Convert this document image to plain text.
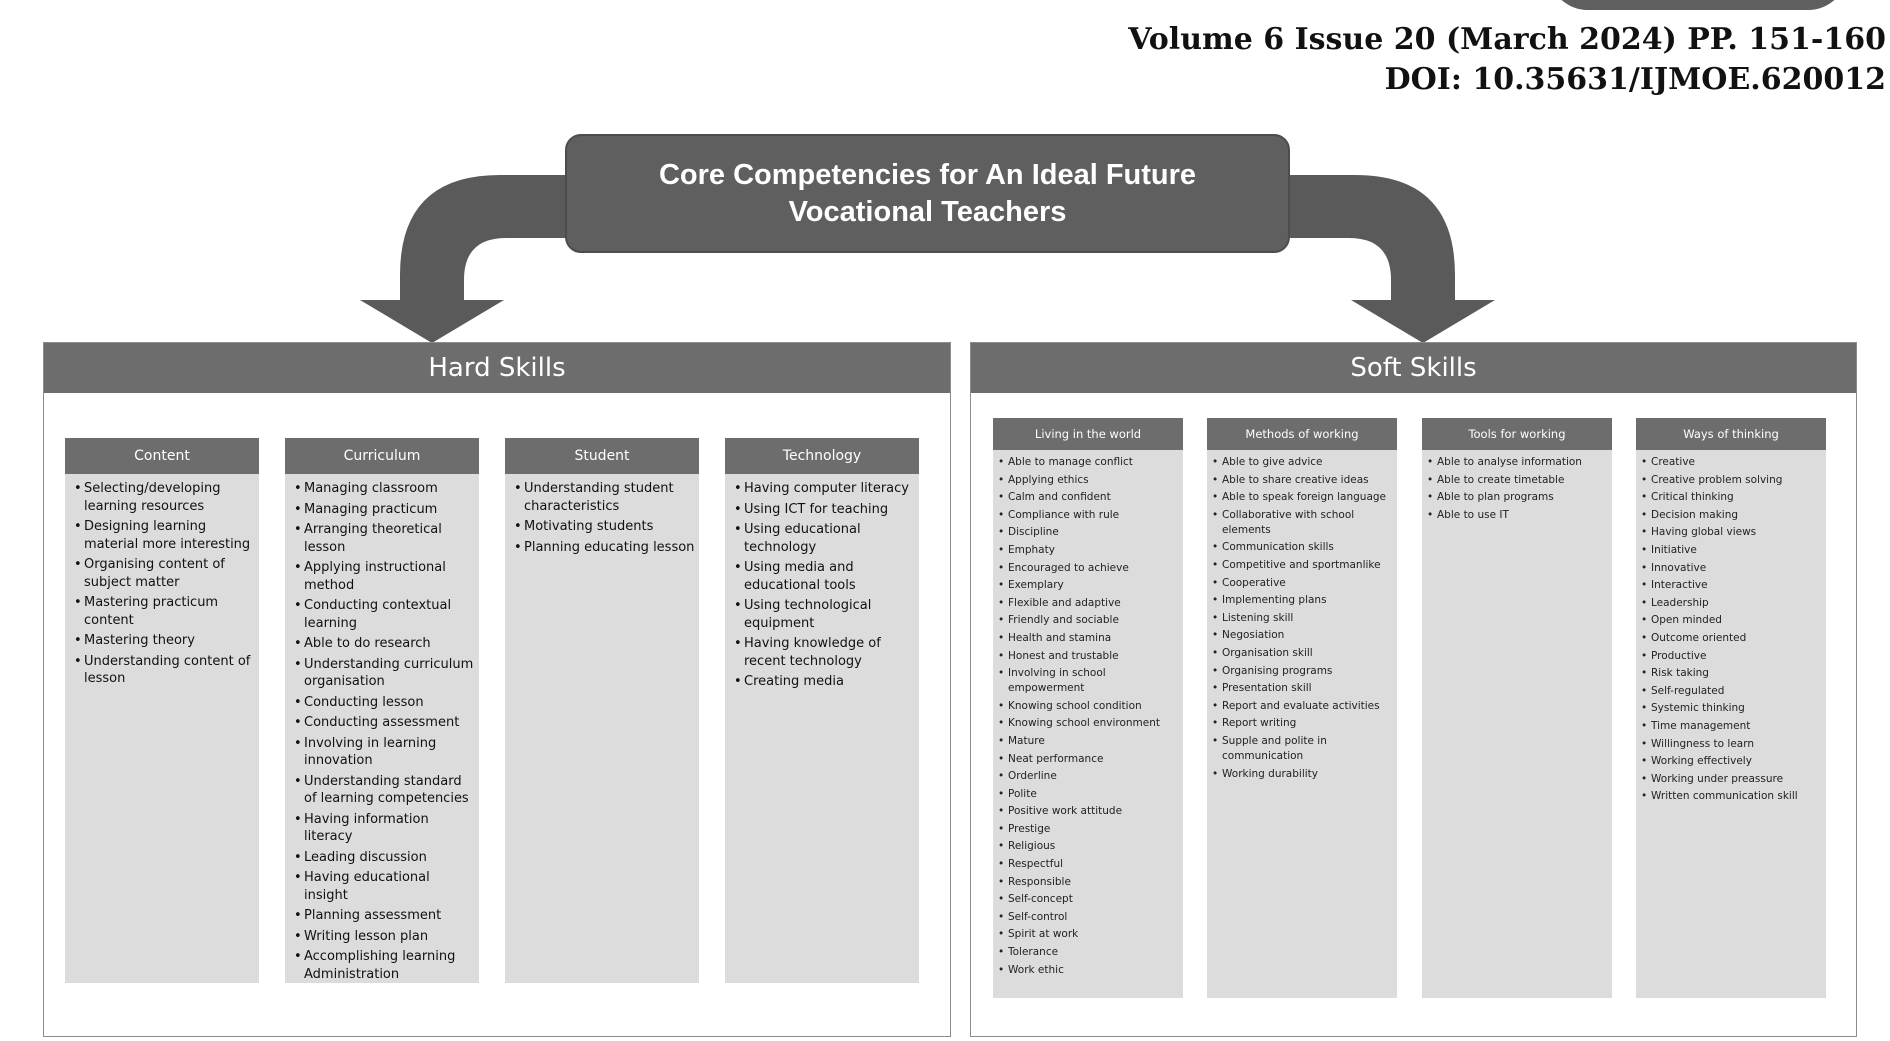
Volume 6 Issue 20 (March 2024) PP. 151-160
DOI: 10.35631/IJMOE.620012
Core Competencies for An Ideal Future Vocational Teachers
Hard Skills
Content
• Selecting/developing learning resources
• Designing learning material more interesting
• Organising content of subject matter
• Mastering practicum content
• Mastering theory
• Understanding content of lesson
Curriculum
• Managing classroom
• Managing practicum
• Arranging theoretical lesson
• Applying instructional method
• Conducting contextual learning
• Able to do research
• Understanding curriculum organisation
• Conducting lesson
• Conducting assessment
• Involving in learning innovation
• Understanding standard of learning competencies
• Having information literacy
• Leading discussion
• Having educational insight
• Planning assessment
• Writing lesson plan
• Accomplishing learning Administration
Student
• Understanding student characteristics
• Motivating students
• Planning educating lesson
Technology
• Having computer literacy
• Using ICT for teaching
• Using educational technology
• Using media and educational tools
• Using technological equipment
• Having knowledge of recent technology
• Creating media
Soft Skills
Living in the world
• Able to manage conflict
• Applying ethics
• Calm and confident
• Compliance with rule
• Discipline
• Emphaty
• Encouraged to achieve
• Exemplary
• Flexible and adaptive
• Friendly and sociable
• Health and stamina
• Honest and trustable
• Involving in school empowerment
• Knowing school condition
• Knowing school environment
• Mature
• Neat performance
• Orderline
• Polite
• Positive work attitude
• Prestige
• Religious
• Respectful
• Responsible
• Self-concept
• Self-control
• Spirit at work
• Tolerance
• Work ethic
Methods of working
• Able to give advice
• Able to share creative ideas
• Able to speak foreign language
• Collaborative with school elements
• Communication skills
• Competitive and sportmanlike
• Cooperative
• Implementing plans
• Listening skill
• Negosiation
• Organisation skill
• Organising programs
• Presentation skill
• Report and evaluate activities
• Report writing
• Supple and polite in communication
• Working durability
Tools for working
• Able to analyse information
• Able to create timetable
• Able to plan programs
• Able to use IT
Ways of thinking
• Creative
• Creative problem solving
• Critical thinking
• Decision making
• Having global views
• Initiative
• Innovative
• Interactive
• Leadership
• Open minded
• Outcome oriented
• Productive
• Risk taking
• Self-regulated
• Systemic thinking
• Time management
• Willingness to learn
• Working effectively
• Working under preassure
• Written communication skill
